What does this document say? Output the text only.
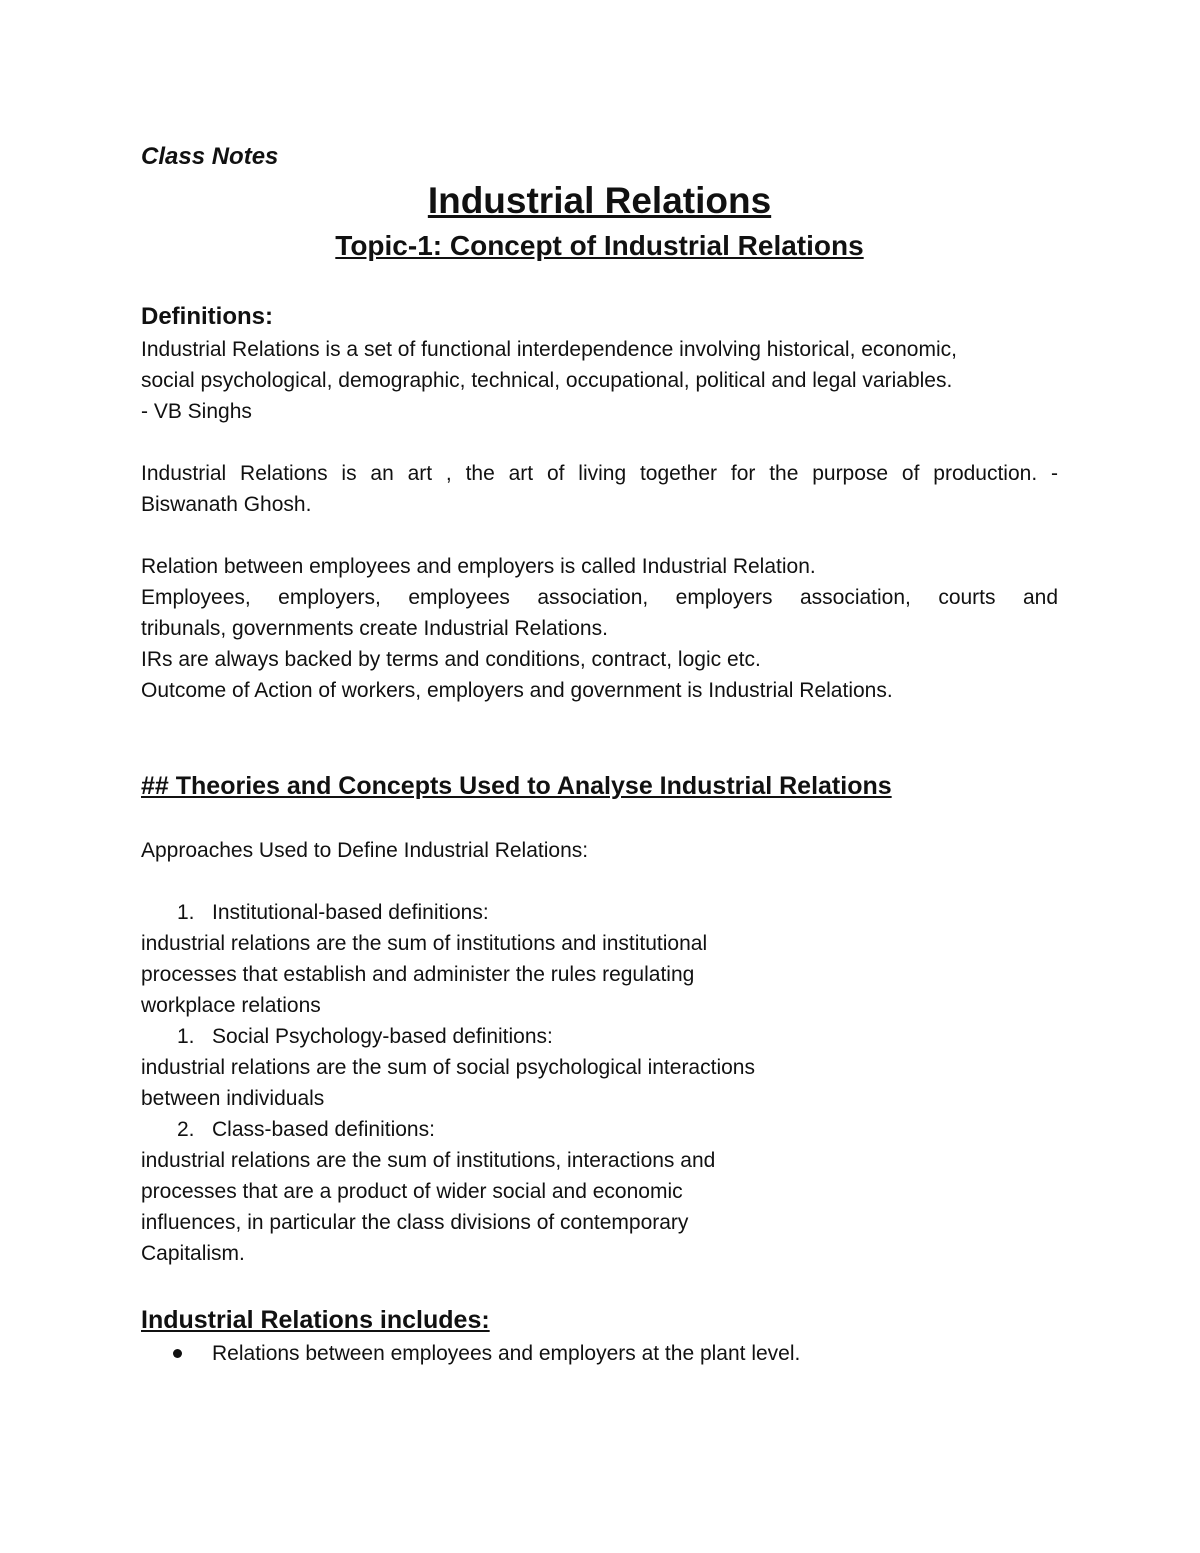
Class Notes

Industrial Relations
Topic-1: Concept of Industrial Relations
Definitions:

Industrial Relations is a set of functional interdependence involving historical, economic,

social psychological, demographic, technical, occupational, political and legal variables.

- VB Singhs

Industrial Relations is an art , the art of living together for the purpose of production. -

Biswanath Ghosh.

Relation between employees and employers is called Industrial Relation.

Employees, employers, employees association, employers association, courts and

tribunals, governments create Industrial Relations.

IRs are always backed by terms and conditions, contract, logic etc.

Outcome of Action of workers, employers and government is Industrial Relations.

## Theories and Concepts Used to Analyse Industrial Relations

Approaches Used to Define Industrial Relations:

1. Institutional-based definitions:

industrial relations are the sum of institutions and institutional

processes that establish and administer the rules regulating

workplace relations

1. Social Psychology-based definitions:

industrial relations are the sum of social psychological interactions

between individuals

2. Class-based definitions:

industrial relations are the sum of institutions, interactions and

processes that are a product of wider social and economic

influences, in particular the class divisions of contemporary

Capitalism.

Industrial Relations includes:

Relations between employees and employers at the plant level.
